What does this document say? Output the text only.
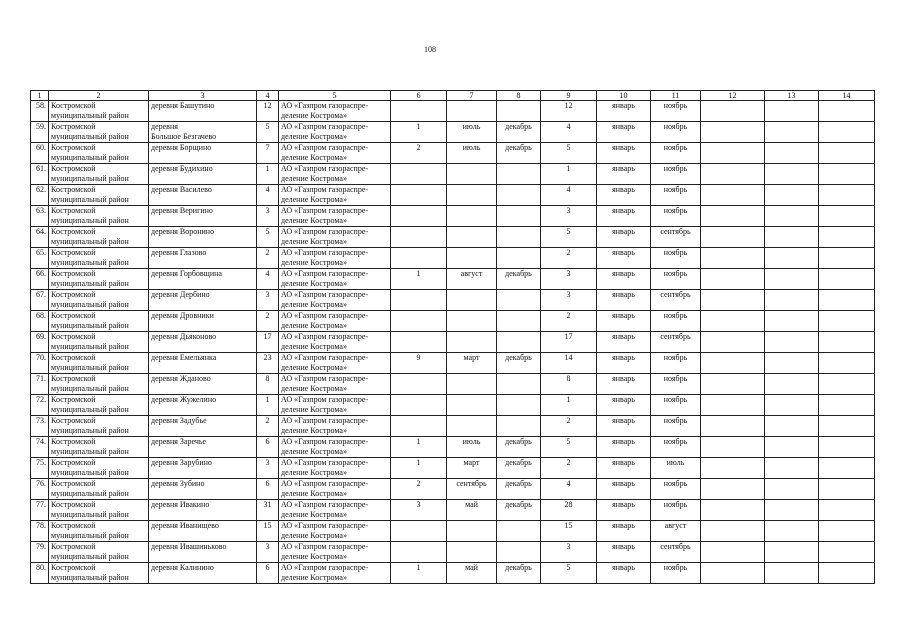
108
1	2	3	4	5	6	7	8	9	10	11	12	13	14
58.	Костромской
муниципальный район	деревня Башутино	12	АО «Газпром газораспре-
деление Кострома»				12	январь	ноябрь			
59.	Костромской
муниципальный район	деревня
Большое Безгачево	5	АО «Газпром газораспре-
деление Кострома»	1	июль	декабрь	4	январь	ноябрь			
60.	Костромской
муниципальный район	деревня Борщино	7	АО «Газпром газораспре-
деление Кострома»	2	июль	декабрь	5	январь	ноябрь			
61.	Костромской
муниципальный район	деревня Будихино	1	АО «Газпром газораспре-
деление Кострома»				1	январь	ноябрь			
62.	Костромской
муниципальный район	деревня Василево	4	АО «Газпром газораспре-
деление Кострома»				4	январь	ноябрь			
63.	Костромской
муниципальный район	деревня Веригино	3	АО «Газпром газораспре-
деление Кострома»				3	январь	ноябрь			
64.	Костромской
муниципальный район	деревня Воронино	5	АО «Газпром газораспре-
деление Кострома»				5	январь	сентябрь			
65.	Костромской
муниципальный район	деревня Глазово	2	АО «Газпром газораспре-
деление Кострома»				2	январь	ноябрь			
66.	Костромской
муниципальный район	деревня Горбовщина	4	АО «Газпром газораспре-
деление Кострома»	1	август	декабрь	3	январь	ноябрь			
67.	Костромской
муниципальный район	деревня Дербино	3	АО «Газпром газораспре-
деление Кострома»				3	январь	сентябрь			
68.	Костромской
муниципальный район	деревня Дровники	2	АО «Газпром газораспре-
деление Кострома»				2	январь	ноябрь			
69.	Костромской
муниципальный район	деревня Дьяконово	17	АО «Газпром газораспре-
деление Кострома»				17	январь	сентябрь			
70.	Костромской
муниципальный район	деревня Емельянка	23	АО «Газпром газораспре-
деление Кострома»	9	март	декабрь	14	январь	ноябрь			
71.	Костромской
муниципальный район	деревня Жданово	8	АО «Газпром газораспре-
деление Кострома»				8	январь	ноябрь			
72.	Костромской
муниципальный район	деревня Жужелино	1	АО «Газпром газораспре-
деление Кострома»				1	январь	ноябрь			
73.	Костромской
муниципальный район	деревня Задубье	2	АО «Газпром газораспре-
деление Кострома»				2	январь	ноябрь			
74.	Костромской
муниципальный район	деревня Заречье	6	АО «Газпром газораспре-
деление Кострома»	1	июль	декабрь	5	январь	ноябрь			
75.	Костромской
муниципальный район	деревня Зарубино	3	АО «Газпром газораспре-
деление Кострома»	1	март	декабрь	2	январь	июль			
76.	Костромской
муниципальный район	деревня Зубино	6	АО «Газпром газораспре-
деление Кострома»	2	сентябрь	декабрь	4	январь	ноябрь			
77.	Костромской
муниципальный район	деревня Ивакино	31	АО «Газпром газораспре-
деление Кострома»	3	май	декабрь	28	январь	ноябрь			
78.	Костромской
муниципальный район	деревня Иванищево	15	АО «Газпром газораспре-
деление Кострома»				15	январь	август			
79.	Костромской
муниципальный район	деревня Ивашиньково	3	АО «Газпром газораспре-
деление Кострома»				3	январь	сентябрь			
80.	Костромской
муниципальный район	деревня Калинино	6	АО «Газпром газораспре-
деление Кострома»	1	май	декабрь	5	январь	ноябрь			
